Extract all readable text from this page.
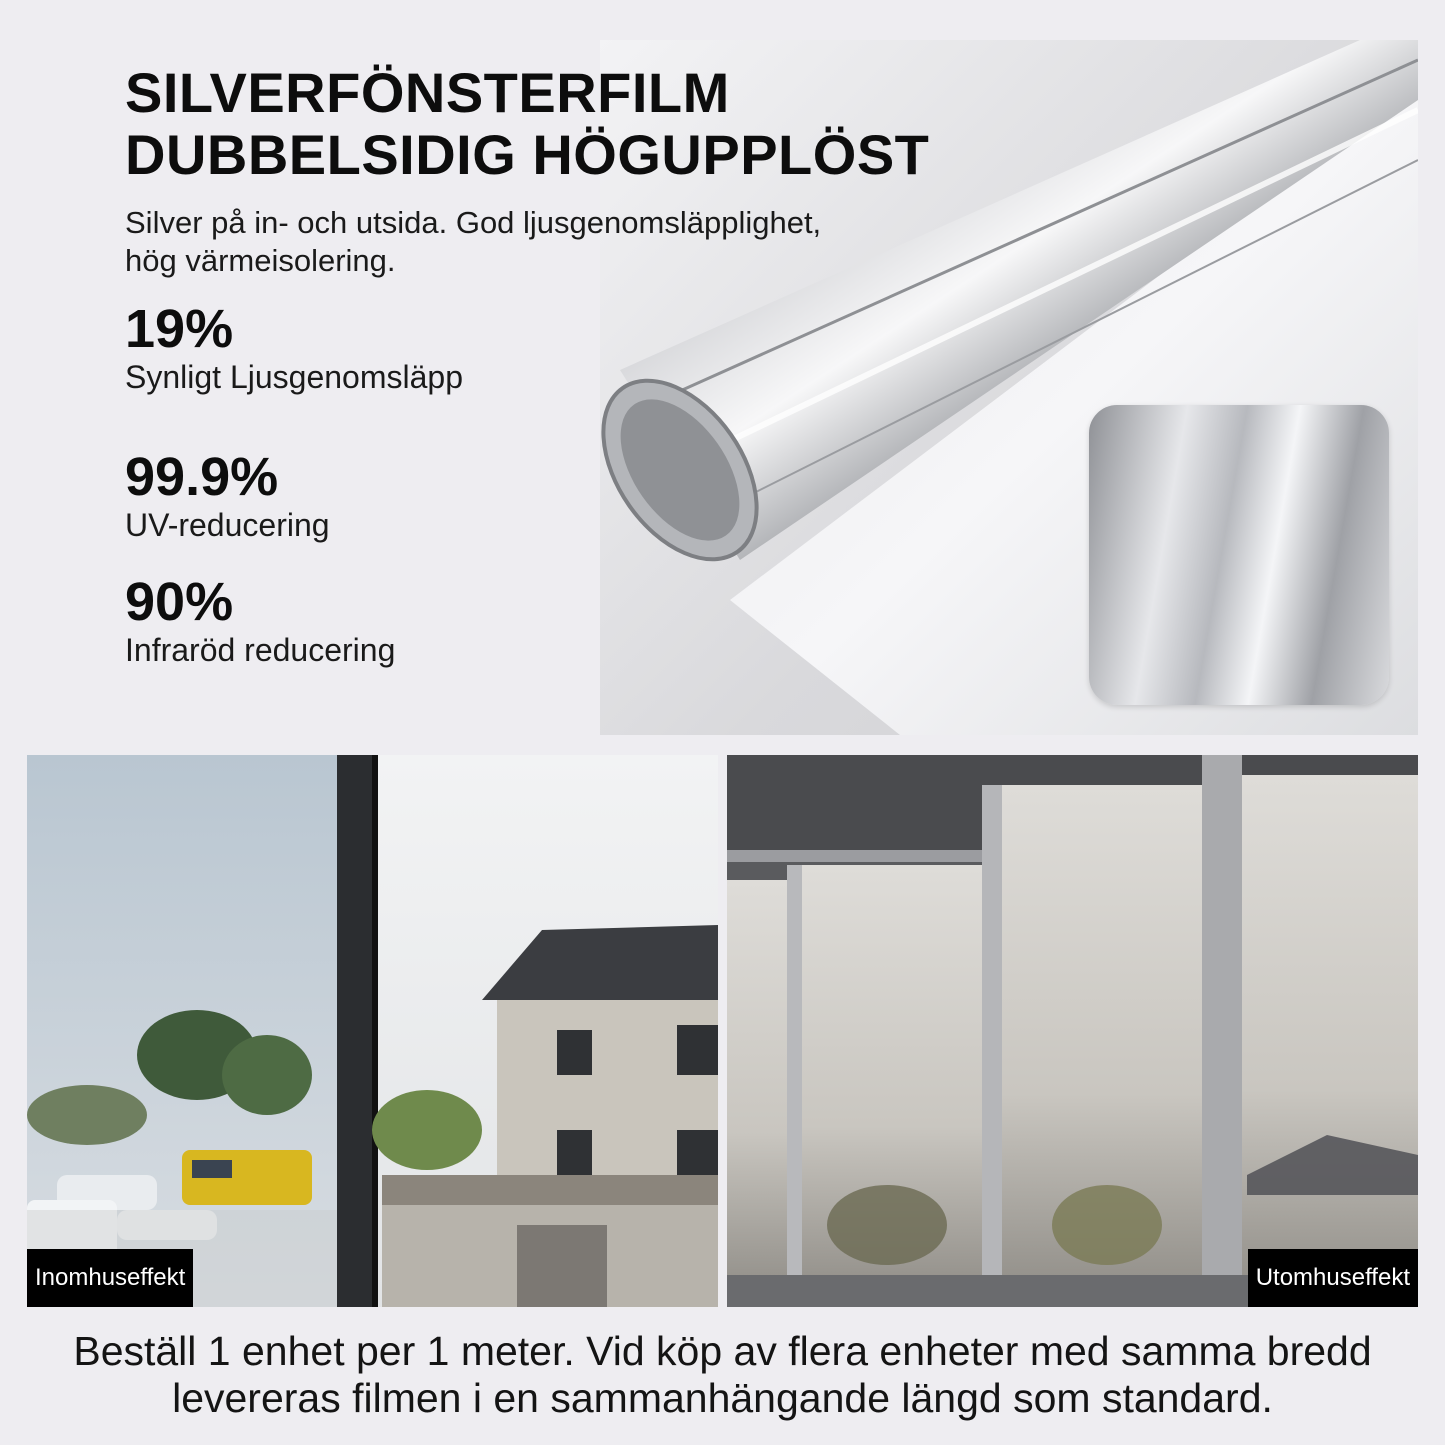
SILVERFÖNSTERFILM
DUBBELSIDIG HÖGUPPLÖST

Silver på in- och utsida. God ljusgenomsläpplighet, hög värmeisolering.

19%
Synligt Ljusgenomsläpp
99.9%
UV-reducering
90%
Infraröd reducering
Inomhuseffekt	Utomhuseffekt

Beställ 1 enhet per 1 meter. Vid köp av flera enheter med samma bredd levereras filmen i en sammanhängande längd som standard.
